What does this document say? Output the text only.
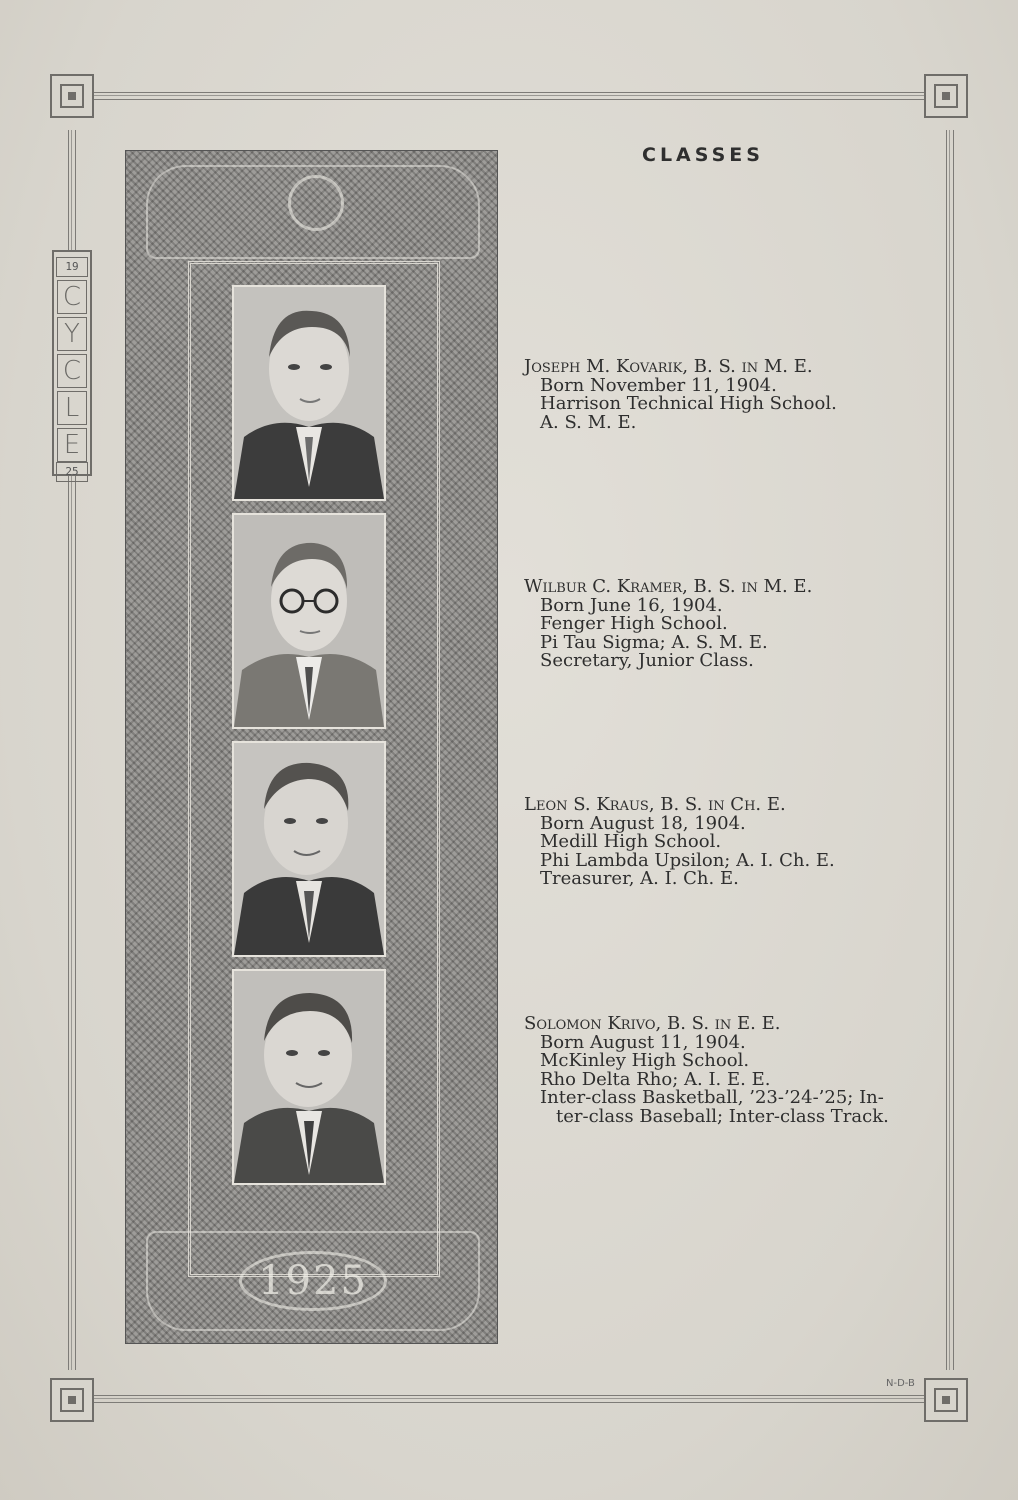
19
C
Y
C
L
E
25
1925
CLASSES
Joseph M. Kovarik, B. S. in M. E.
Born November 11, 1904.
Harrison Technical High School.
A. S. M. E.
Wilbur C. Kramer, B. S. in M. E.
Born June 16, 1904.
Fenger High School.
Pi Tau Sigma; A. S. M. E.
Secretary, Junior Class.
Leon S. Kraus, B. S. in Ch. E.
Born August 18, 1904.
Medill High School.
Phi Lambda Upsilon; A. I. Ch. E.
Treasurer, A. I. Ch. E.
Solomon Krivo, B. S. in E. E.
Born August 11, 1904.
McKinley High School.
Rho Delta Rho; A. I. E. E.
Inter-class Basketball, ’23-’24-’25; In-
ter-class Baseball; Inter-class Track.
N-D-B
